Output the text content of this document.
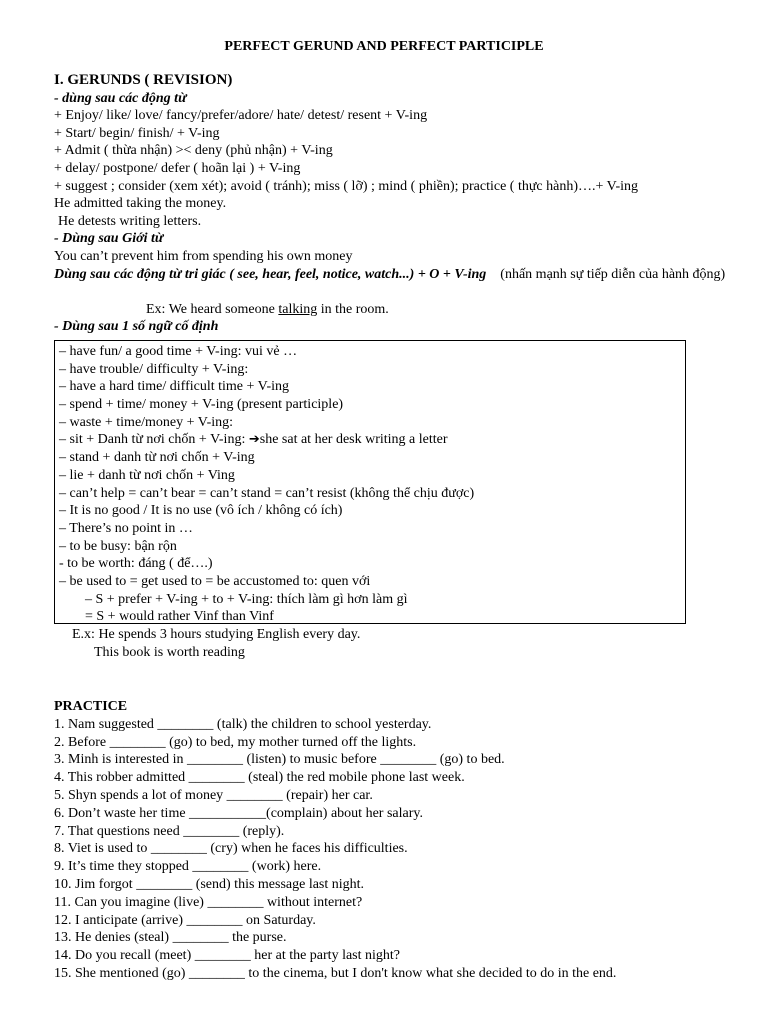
PERFECT GERUND AND PERFECT PARTICIPLE
I. GERUNDS ( REVISION)
- dùng sau các động từ
+ Enjoy/ like/ love/ fancy/prefer/adore/ hate/ detest/ resent + V-ing
+ Start/ begin/ finish/ + V-ing
+ Admit ( thừa nhận) >< deny (phủ nhận) + V-ing
+ delay/ postpone/ defer ( hoãn lại ) + V-ing
+ suggest ; consider (xem xét); avoid ( tránh); miss ( lỡ) ; mind ( phiền); practice ( thực hành)….+ V-ing
He admitted taking the money.
He detests writing letters.
- Dùng sau Giới từ
You can’t prevent him from spending his own money
Dùng sau các động từ tri giác ( see, hear, feel, notice, watch...) + O + V-ing    (nhấn mạnh sự tiếp diễn của hành động)
Ex: We heard someone talking in the room.
- Dùng sau 1 số ngữ cố định
– have fun/ a good time + V-ing: vui vẻ …
– have trouble/ difficulty + V-ing:
– have a hard time/ difficult time + V-ing
– spend + time/ money + V-ing (present participle)
– waste + time/money + V-ing:
– sit + Danh từ nơi chốn + V-ing: ➔she sat at her desk writing a letter
– stand + danh từ nơi chốn + V-ing
– lie + danh từ nơi chốn + Ving
– can’t help = can’t bear = can’t stand = can’t resist (không thể chịu được)
– It is no good / It is no use (vô ích / không có ích)
– There’s no point in …
– to be busy: bận rộn
- to be worth: đáng ( để….)
– be used to = get used to = be accustomed to: quen với
– S + prefer + V-ing + to + V-ing: thích làm gì hơn làm gì
= S + would rather Vinf than Vinf
E.x: He spends 3 hours studying English every day.
This book is worth reading
PRACTICE
1. Nam suggested ________ (talk) the children to school yesterday.
2. Before ________ (go) to bed, my mother turned off the lights.
3. Minh is interested in ________ (listen) to music before ________ (go) to bed.
4. This robber admitted ________ (steal) the red mobile phone last week.
5. Shyn spends a lot of money ________ (repair) her car.
6. Don’t waste her time ___________(complain) about her salary.
7. That questions need ________ (reply).
8. Viet is used to ________ (cry) when he faces his difficulties.
9. It’s time they stopped ________ (work) here.
10. Jim forgot ________ (send) this message last night.
11. Can you imagine (live) ________ without internet?
12. I anticipate (arrive) ________ on Saturday.
13. He denies (steal) ________ the purse.
14. Do you recall (meet) ________ her at the party last night?
15. She mentioned (go) ________ to the cinema, but I don't know what she decided to do in the end.
